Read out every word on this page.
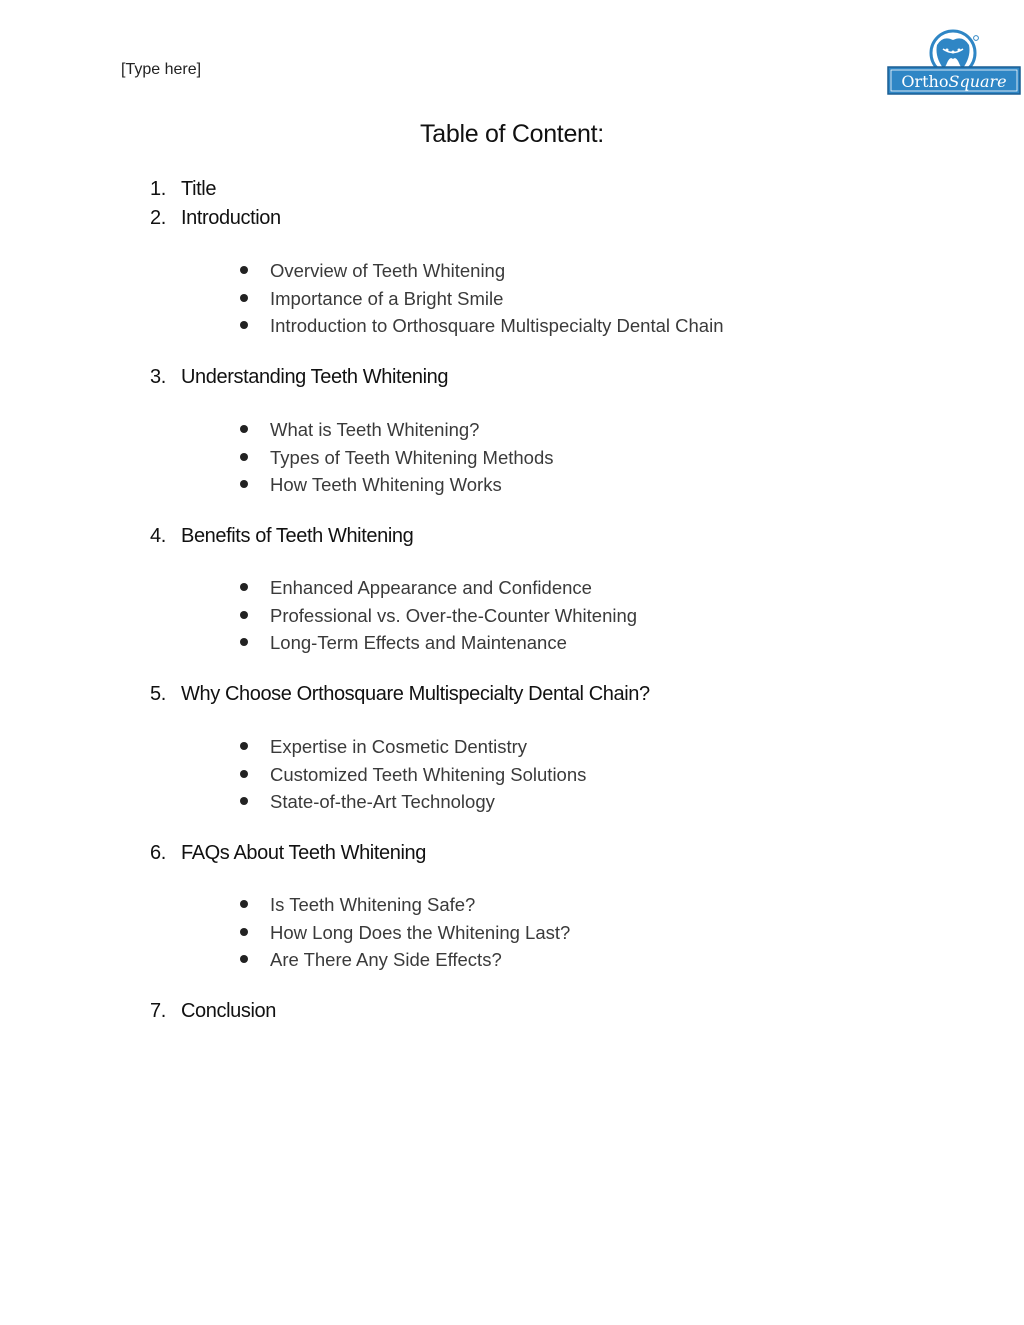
[Type here]
OrthoSquare
Table of Content:
1. Title
2. Introduction
Overview of Teeth Whitening
Importance of a Bright Smile
Introduction to Orthosquare Multispecialty Dental Chain
3. Understanding Teeth Whitening
What is Teeth Whitening?
Types of Teeth Whitening Methods
How Teeth Whitening Works
4. Benefits of Teeth Whitening
Enhanced Appearance and Confidence
Professional vs. Over-the-Counter Whitening
Long-Term Effects and Maintenance
5. Why Choose Orthosquare Multispecialty Dental Chain?
Expertise in Cosmetic Dentistry
Customized Teeth Whitening Solutions
State-of-the-Art Technology
6. FAQs About Teeth Whitening
Is Teeth Whitening Safe?
How Long Does the Whitening Last?
Are There Any Side Effects?
7. Conclusion
